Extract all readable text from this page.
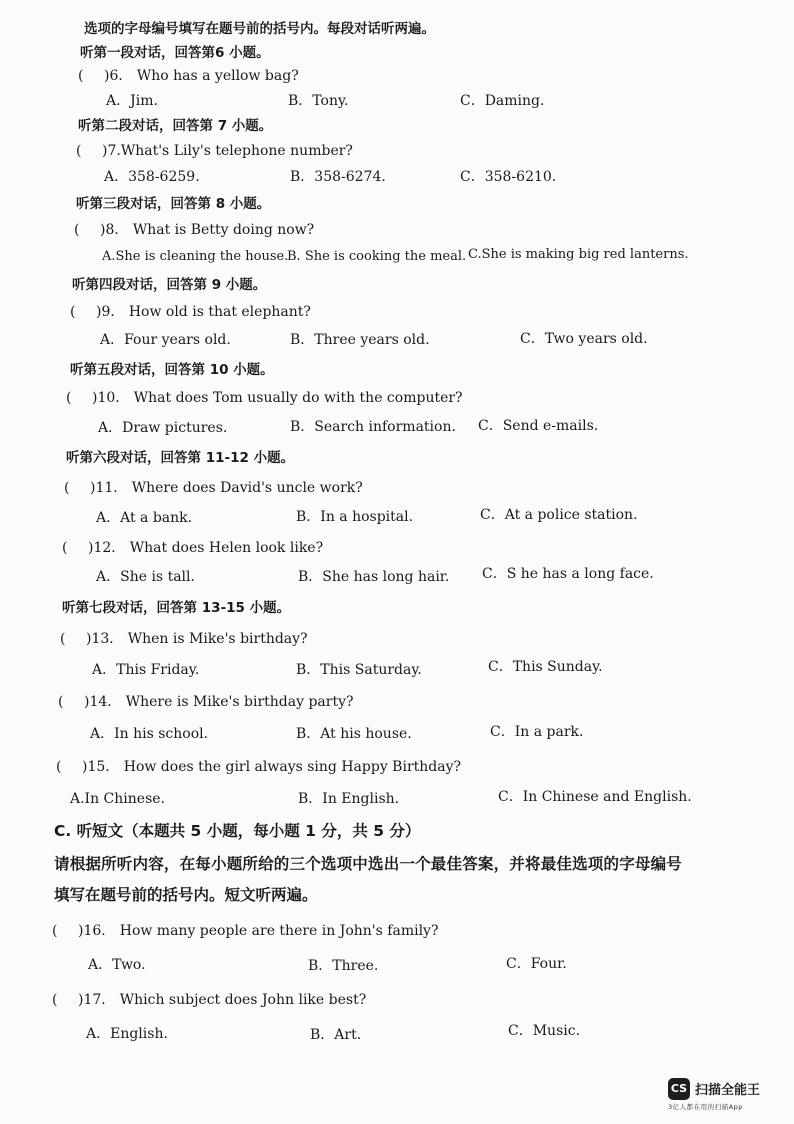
选项的字母编号填写在题号前的括号内。每段对话听两遍。
听第一段对话，回答第6 小题。
( )6． Who has a yellow bag?
A．Jim.	B．Tony.	C．Daming.
听第二段对话，回答第 7 小题。
( )7.What's Lily's telephone number?
A．358-6259.	B．358-6274.	C．358-6210.
听第三段对话，回答第 8 小题。
( )8． What is Betty doing now?
A.She is cleaning the house.
B. She is cooking the meal. C.She is making big red lanterns.
听第四段对话，回答第 9 小题。
( )9． How old is that elephant?
A．Four years old.	B．Three years old.	C．Two years old.
听第五段对话，回答第 10 小题。
( )10． What does Tom usually do with the computer?
A．Draw pictures.	B．Search information. C．Send e-mails.
听第六段对话，回答第 11-12 小题。
( )11． Where does David's uncle work?
A．At a bank.	B．In a hospital.	C．At a police station.
( )12． What does Helen look like?
A．She is tall.	B．She has long hair. C．S he has a long face.
听第七段对话，回答第 13-15 小题。
( )13． When is Mike's birthday?
A．This Friday.	B．This Saturday.	C．This Sunday.
( )14． Where is Mike's birthday party?
A．In his school.	B．At his house.	C．In a park.
( )15． How does the girl always sing Happy Birthday?
A.In Chinese.	B．In English.	C．In Chinese and English.
C. 听短文（本题共 5 小题，每小题 1 分，共 5 分）
请根据所听内容，在每小题所给的三个选项中选出一个最佳答案，并将最佳选项的字母编号
填写在题号前的括号内。短文听两遍。
( )16． How many people are there in John's family?
A．Two.	B．Three.	C．Four.
( )17． Which subject does John like best?
A．English.	B．Art.	C．Music.
CS 扫描全能王
3亿人都在用的扫描App
